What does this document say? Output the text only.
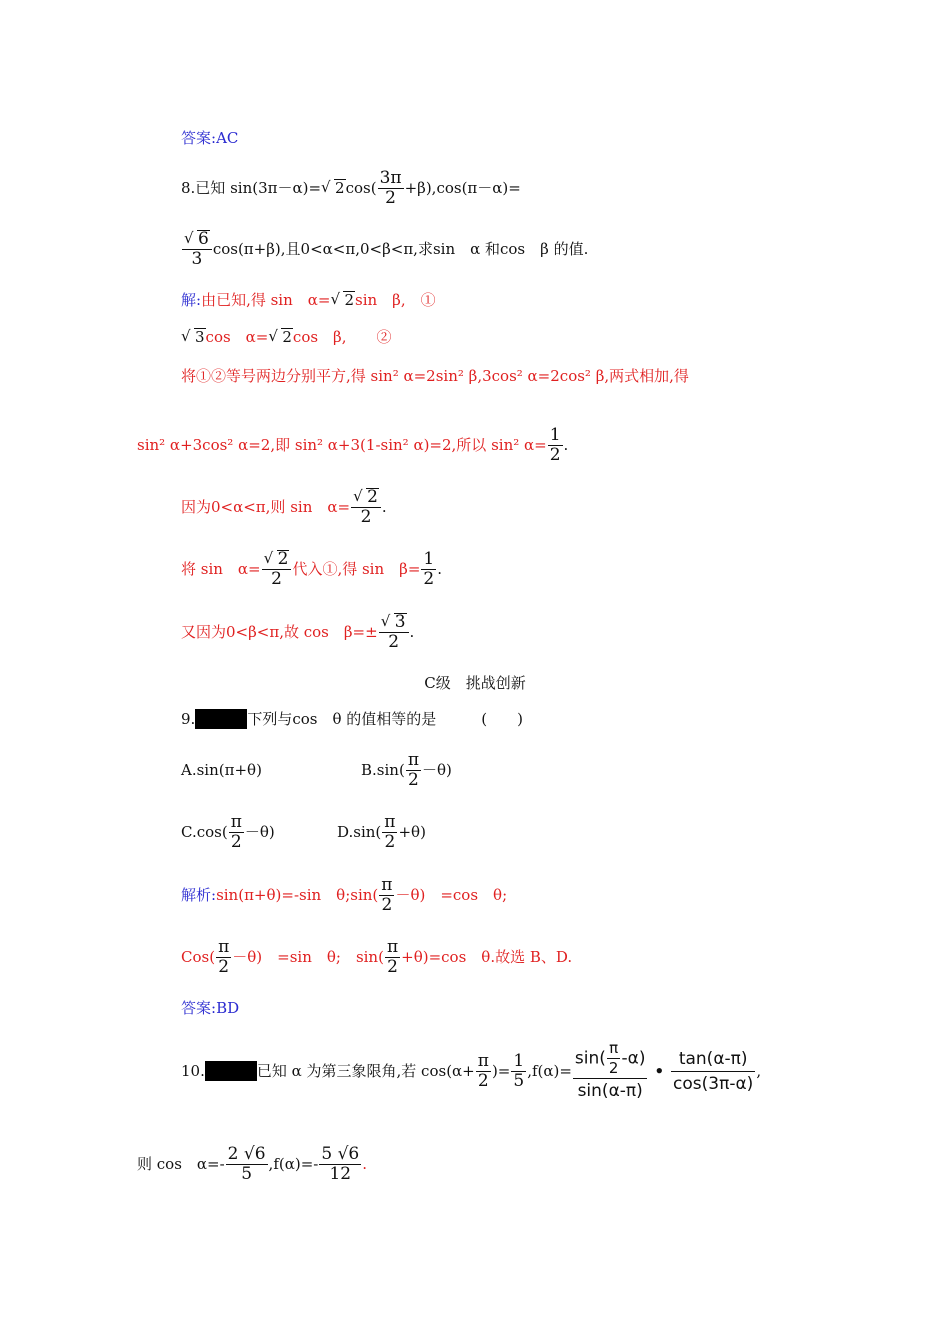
答案:AC
8.已知 sin(3π－α)= √ 2 $\cos( \frac{3\pi}{2} +\beta),\cos(\pi-\alpha)=$
$\frac{√ 6}{3} \cos(\pi+\beta)$,且0<α<π,0<β<π,求sin　α 和cos　β 的值.
解:由已知,得 sin　α= √ 2sin　β,　①
√ 3cos　α= √ 2cos　β,　　②
将①②等号两边分别平方,得 sin² α=2sin² β,3cos² α=2cos² β,两式相加,得
sin² α+3cos² α=2,即 sin² α+3(1-sin² α)=2,所以 sin² $\alpha= \frac{1}{2}$ .
因为0<α<π,则 sin　$\alpha= \frac{√ 2}{2}$ .
将 sin　$\alpha= \frac{√ 2}{2}$ 代入①,得 sin　$\beta= \frac{1}{2}$ .
又因为0<β<π,故 cos　$\beta=\pm \frac{√ 3}{2}$ .
C级　挑战创新
9.	下列与cos　θ 的值相等的是　　　(　　)
A.sin(π+θ)	$B.\sin( \frac{\pi}{2} -\theta)$
$C.\cos( \frac{\pi}{2} -\theta)$	$D.\sin( \frac{\pi}{2} +\theta)$
解析: sin(π+θ)=-sin　θ;sin( $\frac{\pi}{2} -\theta$)　=cos　θ;
$Cos( \frac{\pi}{2} -\theta)$　=sin　θ;　$\sin( \frac{\pi}{2} +\theta)=\cos$　θ.故选 B、D.
答案:BD
10.	已知 α 为第三象限角,若 $\cos(\alpha+ \frac{\pi}{2}$ )= $\frac{1}{5} ,f(\alpha)= \frac{\sin( \frac{\pi}{2} -\alpha)}{\sin(\alpha-\pi)}$ • $\frac{\tan(\alpha-\pi)}{\cos(3\pi-\alpha)}$ ,
则 cos　$\alpha=- \frac{2 √6}{5} ,f(\alpha)=- \frac{5 √6}{12}$ .
